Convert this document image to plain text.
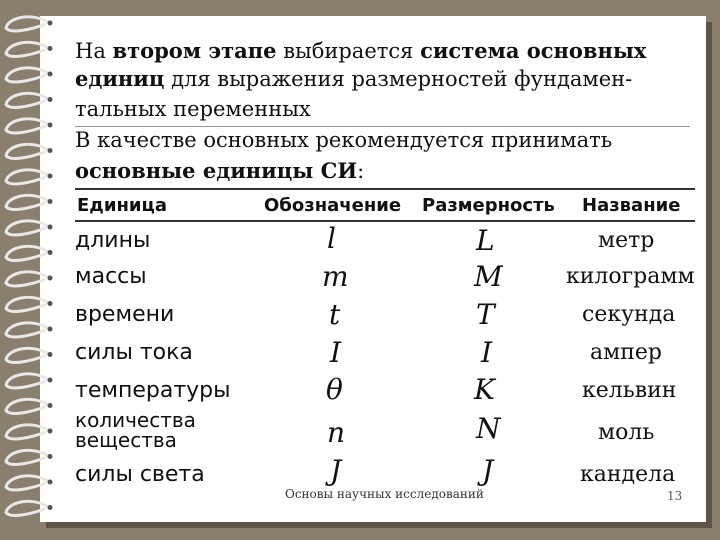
На втором этапе выбирается система основных
единиц для выражения размерностей фундамен-
тальных переменных
В качестве основных рекомендуется принимать
основные единицы СИ:
Единица	Обозначение Размерность Название
длины	l	L	метр
массы	m	M	килограмм
времени	t	T	секунда
силы тока	I	I	ампер
температуры	θ	K	кельвин
количества
вещества	n	N	моль
силы света	J	J	кандела
Основы научных исследований	13
